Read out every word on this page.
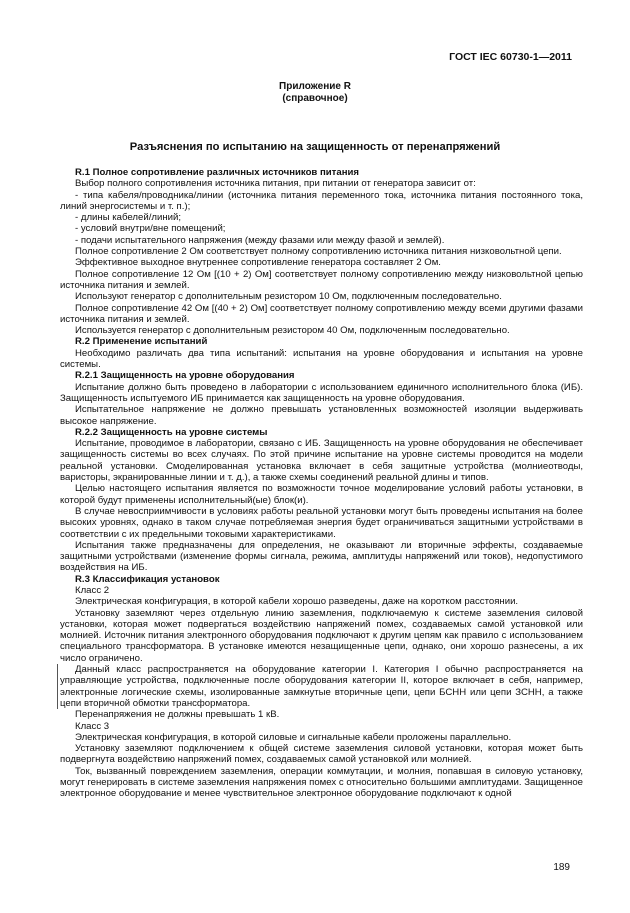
ГОСТ IEC 60730-1—2011
Приложение R
(справочное)
Разъяснения по испытанию на защищенность от перенапряжений

R.1 Полное сопротивление различных источников питания

Выбор полного сопротивления источника питания, при питании от генератора зависит от:

- типа кабеля/проводника/линии (источника питания переменного тока, источника питания постоянного тока, линий энергосистемы и т. п.);

- длины кабелей/линий;

- условий внутри/вне помещений;

- подачи испытательного напряжения (между фазами или между фазой и землей).

Полное сопротивление 2 Ом соответствует полному сопротивлению источника питания низковольтной цепи.

Эффективное выходное внутреннее сопротивление генератора составляет 2 Ом.

Полное сопротивление 12 Ом [(10 + 2) Ом] соответствует полному сопротивлению между низковольтной цепью источника питания и землей.

Используют генератор с дополнительным резистором 10 Ом, подключенным последовательно.

Полное сопротивление 42 Ом [(40 + 2) Ом] соответствует полному сопротивлению между всеми другими фазами источника питания и землей.

Используется генератор с дополнительным резистором 40 Ом, подключенным последовательно.

R.2 Применение испытаний

Необходимо различать два типа испытаний: испытания на уровне оборудования и испытания на уровне системы.

R.2.1 Защищенность на уровне оборудования

Испытание должно быть проведено в лаборатории с использованием единичного исполнительного блока (ИБ). Защищенность испытуемого ИБ принимается как защищенность на уровне оборудования.

Испытательное напряжение не должно превышать установленных возможностей изоляции выдерживать высокое напряжение.

R.2.2 Защищенность на уровне системы

Испытание, проводимое в лаборатории, связано с ИБ. Защищенность на уровне оборудования не обеспечивает защищенность системы во всех случаях. По этой причине испытание на уровне системы проводится на модели реальной установки. Смоделированная установка включает в себя защитные устройства (молниеотводы, варисторы, экранированные линии и т. д.), а также схемы соединений реальной длины и типов.

Целью настоящего испытания является по возможности точное моделирование условий работы установки, в которой будут применены исполнительный(ые) блок(и).

В случае невосприимчивости в условиях работы реальной установки могут быть проведены испытания на более высоких уровнях, однако в таком случае потребляемая энергия будет ограничиваться защитными устройствами в соответствии с их предельными токовыми характеристиками.

Испытания также предназначены для определения, не оказывают ли вторичные эффекты, создаваемые защитными устройствами (изменение формы сигнала, режима, амплитуды напряжений или токов), недопустимого воздействия на ИБ.

R.3 Классификация установок

Класс 2

Электрическая конфигурация, в которой кабели хорошо разведены, даже на коротком расстоянии.

Установку заземляют через отдельную линию заземления, подключаемую к системе заземления силовой установки, которая может подвергаться воздействию напряжений помех, создаваемых самой установкой или молнией. Источник питания электронного оборудования подключают к другим цепям как правило с использованием специального трансформатора. В установке имеются незащищенные цепи, однако, они хорошо разнесены, а их число ограничено.

Данный класс распространяется на оборудование категории I. Категория I обычно распространяется на управляющие устройства, подключенные после оборудования категории II, которое включает в себя, например, электронные логические схемы, изолированные замкнутые вторичные цепи, цепи БСНН или цепи ЗСНН, а также цепи вторичной обмотки трансформатора.

Перенапряжения не должны превышать 1 кВ.

Класс 3

Электрическая конфигурация, в которой силовые и сигнальные кабели проложены параллельно.

Установку заземляют подключением к общей системе заземления силовой установки, которая может быть подвергнута воздействию напряжений помех, создаваемых самой установкой или молнией.

Ток, вызванный повреждением заземления, операции коммутации, и молния, попавшая в силовую установку, могут генерировать в системе заземления напряжения помех с относительно большими амплитудами. Защищенное электронное оборудование и менее чувствительное электронное оборудование подключают к одной

189
